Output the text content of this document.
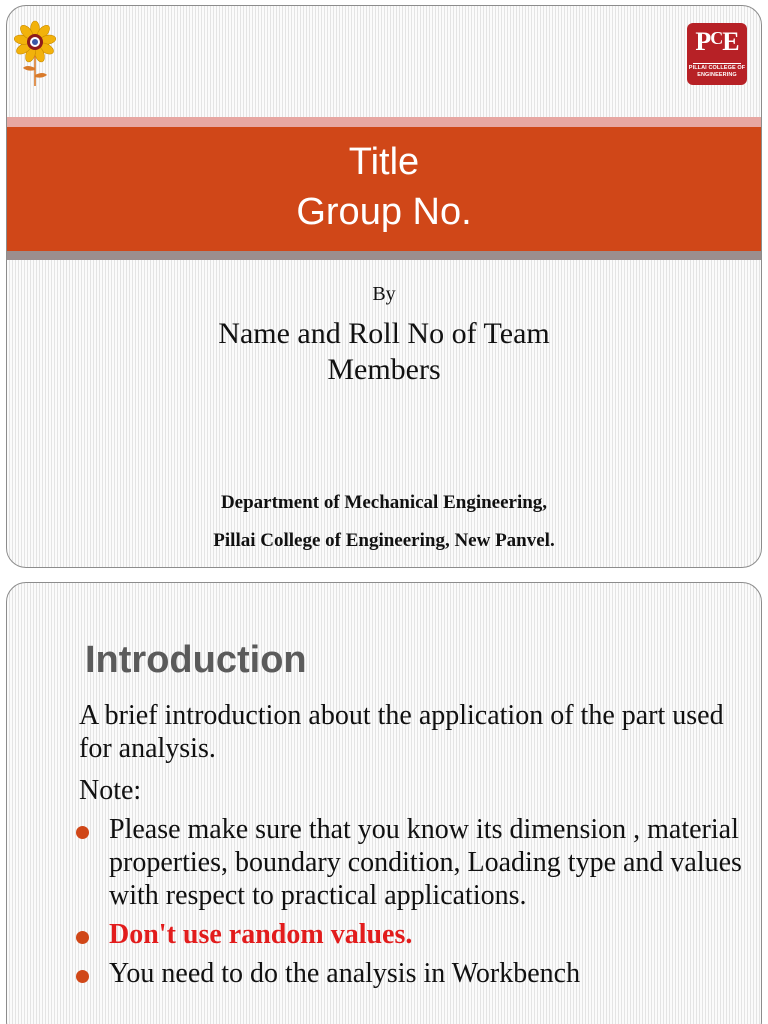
$P^CE$
PILLAI COLLEGE OF ENGINEERING
Title
Group No.
By
Name and Roll No of Team
Members
Department of Mechanical Engineering,
Pillai College of Engineering, New Panvel.
Introduction
A brief introduction about the application of the part used for analysis.
Note:
Please make sure that you know its dimension , material properties, boundary condition, Loading type and values with respect to practical applications.
Don't use random values.
You need to do the analysis in Workbench
